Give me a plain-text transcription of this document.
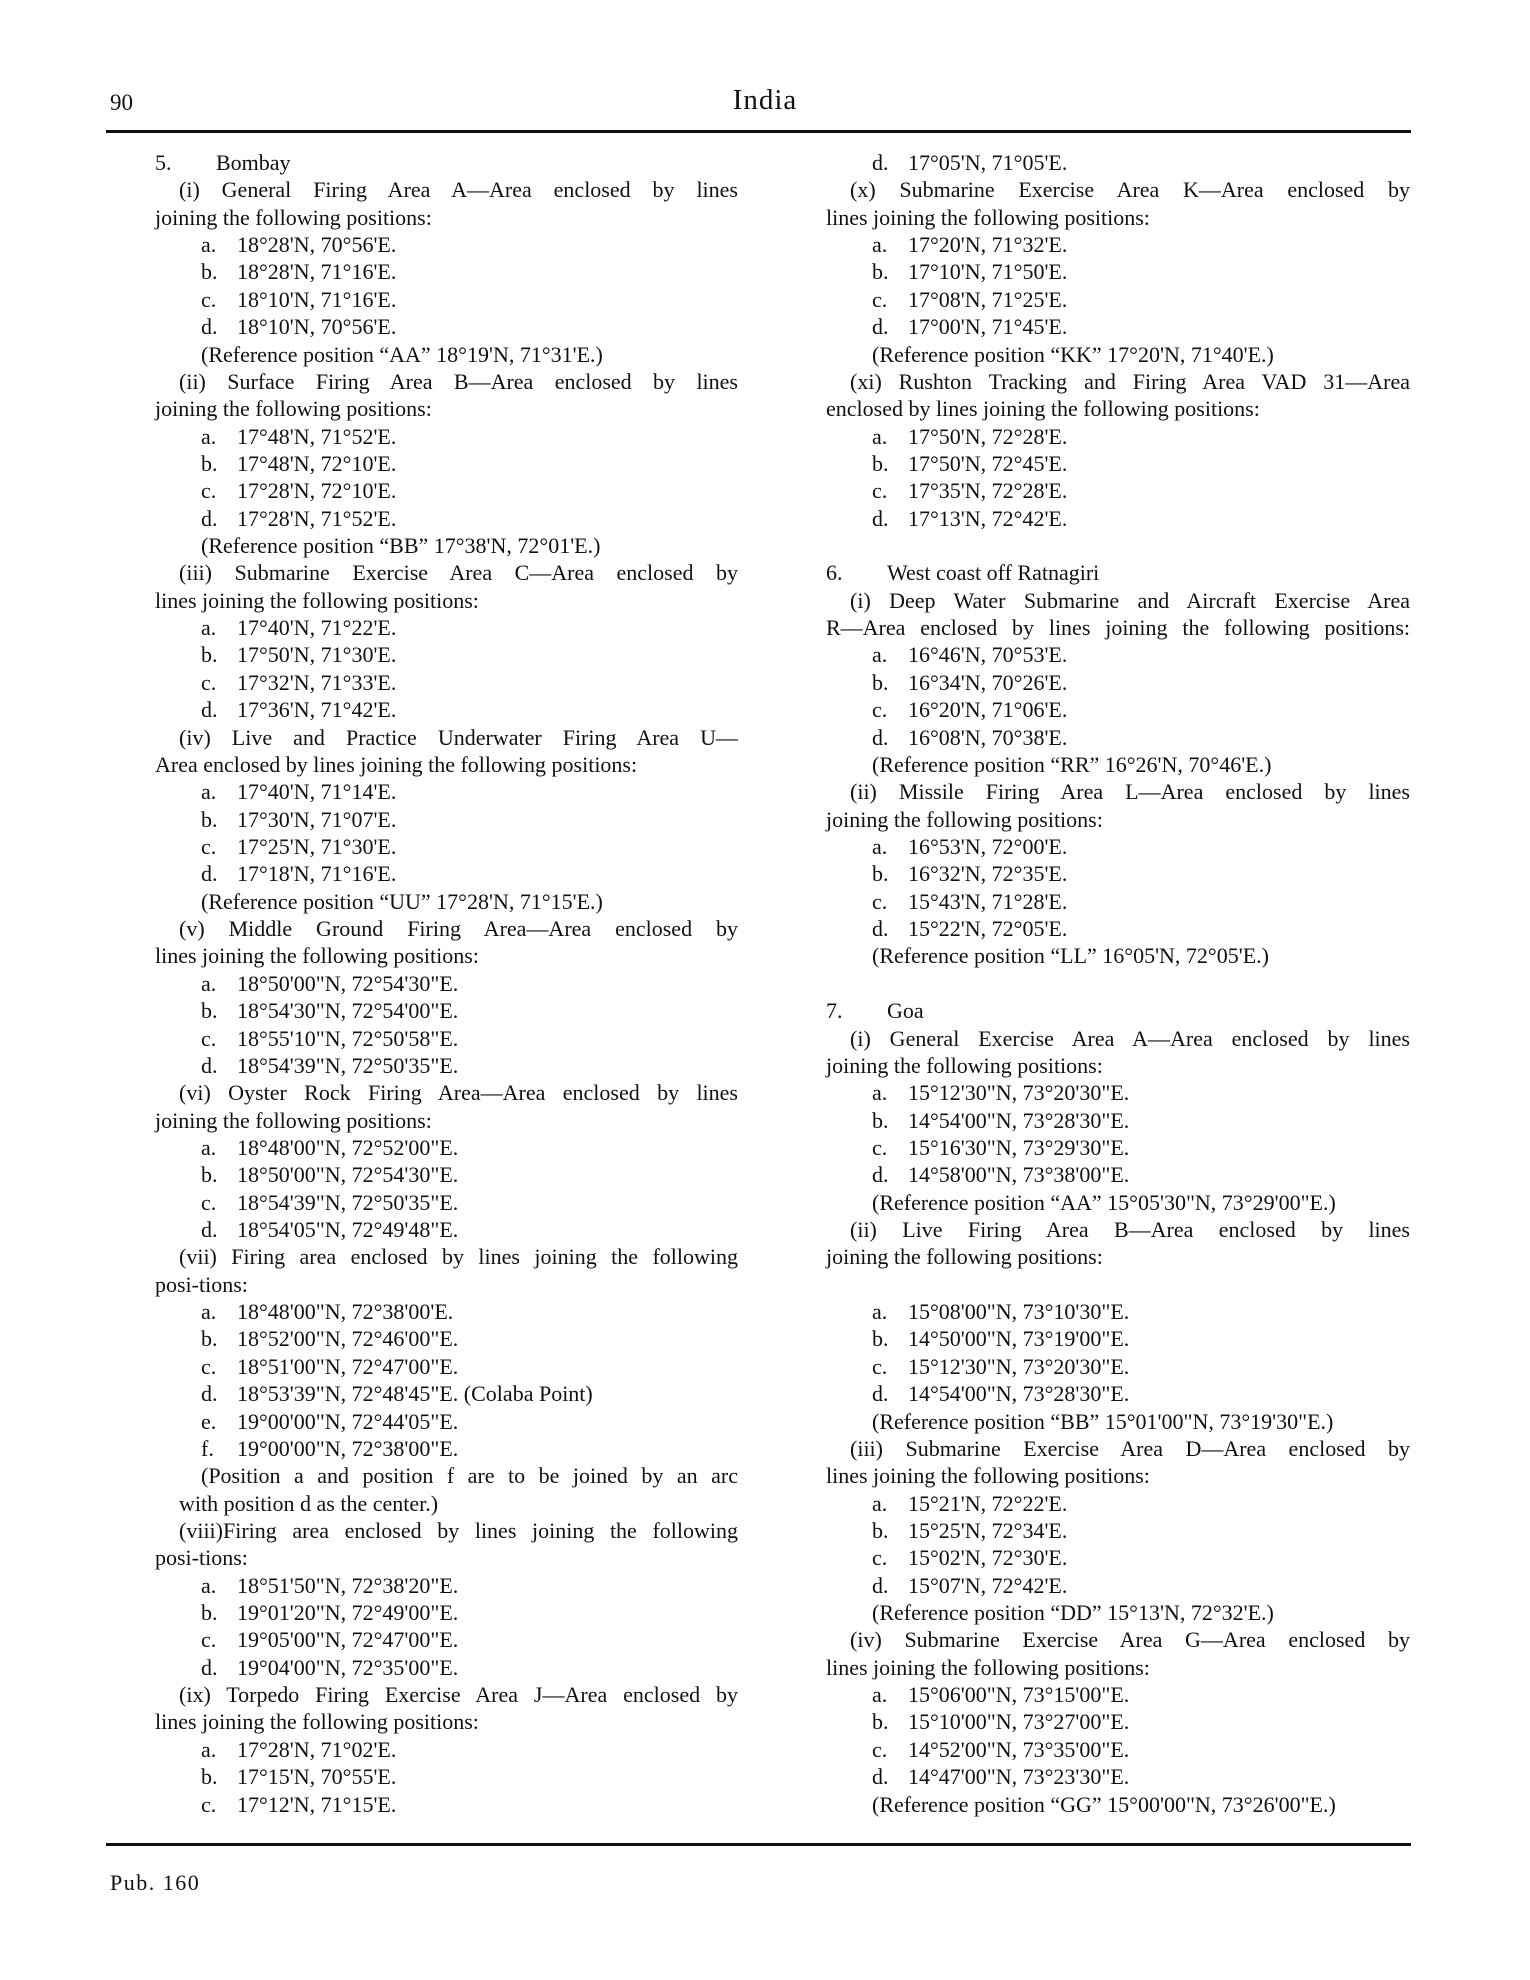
90	India
5. Bombay
(i) General Firing Area A—Area enclosed by lines
joining the following positions:
a. 18°28'N, 70°56'E.
b. 18°28'N, 71°16'E.
c. 18°10'N, 71°16'E.
d. 18°10'N, 70°56'E.
(Reference position “AA” 18°19'N, 71°31'E.)
(ii) Surface Firing Area B—Area enclosed by lines
joining the following positions:
a. 17°48'N, 71°52'E.
b. 17°48'N, 72°10'E.
c. 17°28'N, 72°10'E.
d. 17°28'N, 71°52'E.
(Reference position “BB” 17°38'N, 72°01'E.)
(iii) Submarine Exercise Area C—Area enclosed by
lines joining the following positions:
a. 17°40'N, 71°22'E.
b. 17°50'N, 71°30'E.
c. 17°32'N, 71°33'E.
d. 17°36'N, 71°42'E.
(iv) Live and Practice Underwater Firing Area U—
Area enclosed by lines joining the following positions:
a. 17°40'N, 71°14'E.
b. 17°30'N, 71°07'E.
c. 17°25'N, 71°30'E.
d. 17°18'N, 71°16'E.
(Reference position “UU” 17°28'N, 71°15'E.)
(v) Middle Ground Firing Area—Area enclosed by
lines joining the following positions:
a. 18°50'00"N, 72°54'30"E.
b. 18°54'30"N, 72°54'00"E.
c. 18°55'10"N, 72°50'58"E.
d. 18°54'39"N, 72°50'35"E.
(vi) Oyster Rock Firing Area—Area enclosed by lines
joining the following positions:
a. 18°48'00"N, 72°52'00"E.
b. 18°50'00"N, 72°54'30"E.
c. 18°54'39"N, 72°50'35"E.
d. 18°54'05"N, 72°49'48"E.
(vii) Firing area enclosed by lines joining the following
posi-tions:
a. 18°48'00"N, 72°38'00'E.
b. 18°52'00"N, 72°46'00"E.
c. 18°51'00"N, 72°47'00"E.
d. 18°53'39"N, 72°48'45"E. (Colaba Point)
e. 19°00'00"N, 72°44'05"E.
f. 19°00'00"N, 72°38'00"E.
(Position a and position f are to be joined by an arc
with position d as the center.)
(viii)Firing area enclosed by lines joining the following
posi-tions:
a. 18°51'50"N, 72°38'20"E.
b. 19°01'20"N, 72°49'00"E.
c. 19°05'00"N, 72°47'00"E.
d. 19°04'00"N, 72°35'00"E.
(ix) Torpedo Firing Exercise Area J—Area enclosed by
lines joining the following positions:
a. 17°28'N, 71°02'E.
b. 17°15'N, 70°55'E.
c. 17°12'N, 71°15'E.
d. 17°05'N, 71°05'E.
(x) Submarine Exercise Area K—Area enclosed by
lines joining the following positions:
a. 17°20'N, 71°32'E.
b. 17°10'N, 71°50'E.
c. 17°08'N, 71°25'E.
d. 17°00'N, 71°45'E.
(Reference position “KK” 17°20'N, 71°40'E.)
(xi) Rushton Tracking and Firing Area VAD 31—Area
enclosed by lines joining the following positions:
a. 17°50'N, 72°28'E.
b. 17°50'N, 72°45'E.
c. 17°35'N, 72°28'E.
d. 17°13'N, 72°42'E.
6. West coast off Ratnagiri
(i) Deep Water Submarine and Aircraft Exercise Area
R—Area enclosed by lines joining the following positions:
a. 16°46'N, 70°53'E.
b. 16°34'N, 70°26'E.
c. 16°20'N, 71°06'E.
d. 16°08'N, 70°38'E.
(Reference position “RR” 16°26'N, 70°46'E.)
(ii) Missile Firing Area L—Area enclosed by lines
joining the following positions:
a. 16°53'N, 72°00'E.
b. 16°32'N, 72°35'E.
c. 15°43'N, 71°28'E.
d. 15°22'N, 72°05'E.
(Reference position “LL” 16°05'N, 72°05'E.)
7. Goa
(i) General Exercise Area A—Area enclosed by lines
joining the following positions:
a. 15°12'30"N, 73°20'30"E.
b. 14°54'00"N, 73°28'30"E.
c. 15°16'30"N, 73°29'30"E.
d. 14°58'00"N, 73°38'00"E.
(Reference position “AA” 15°05'30"N, 73°29'00"E.)
(ii) Live Firing Area B—Area enclosed by lines
joining the following positions:
a. 15°08'00"N, 73°10'30"E.
b. 14°50'00"N, 73°19'00"E.
c. 15°12'30"N, 73°20'30"E.
d. 14°54'00"N, 73°28'30"E.
(Reference position “BB” 15°01'00"N, 73°19'30"E.)
(iii) Submarine Exercise Area D—Area enclosed by
lines joining the following positions:
a. 15°21'N, 72°22'E.
b. 15°25'N, 72°34'E.
c. 15°02'N, 72°30'E.
d. 15°07'N, 72°42'E.
(Reference position “DD” 15°13'N, 72°32'E.)
(iv) Submarine Exercise Area G—Area enclosed by
lines joining the following positions:
a. 15°06'00"N, 73°15'00"E.
b. 15°10'00"N, 73°27'00"E.
c. 14°52'00"N, 73°35'00"E.
d. 14°47'00"N, 73°23'30"E.
(Reference position “GG” 15°00'00"N, 73°26'00"E.)
Pub. 160
